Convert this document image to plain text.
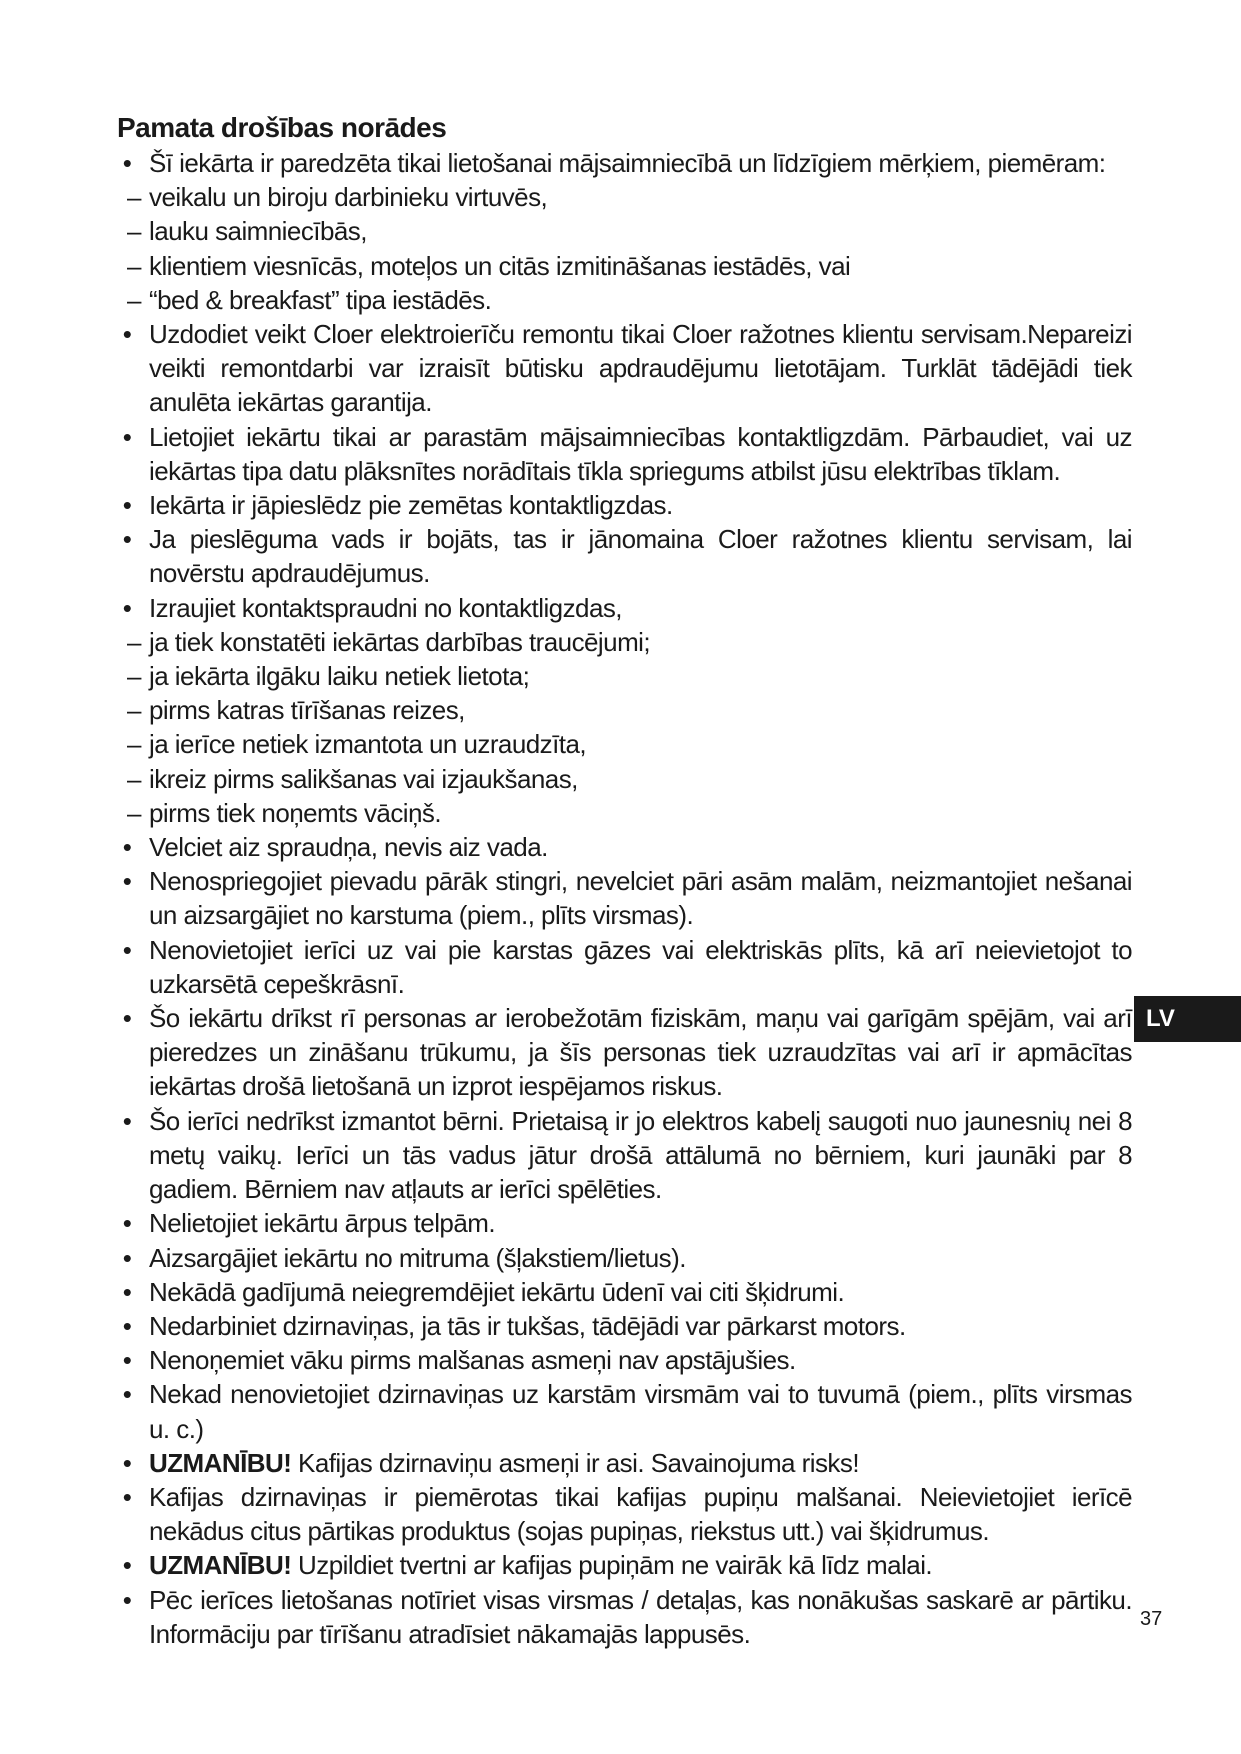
Pamata drošības norādes
• Šī iekārta ir paredzēta tikai lietošanai mājsaimniecībā un līdzīgiem mērķiem, piemēram:
– veikalu un biroju darbinieku virtuvēs,
– lauku saimniecībās,
– klientiem viesnīcās, moteļos un citās izmitināšanas iestādēs, vai
– “bed & breakfast” tipa iestādēs.
• Uzdodiet veikt Cloer elektroierīču remontu tikai Cloer ražotnes klientu servisam.Nepareizi veikti remontdarbi var izraisīt būtisku apdraudējumu lietotājam. Turklāt tādējādi tiek anulēta iekārtas garantija.
• Lietojiet iekārtu tikai ar parastām mājsaimniecības kontaktligzdām. Pārbaudiet, vai uz iekārtas tipa datu plāksnītes norādītais tīkla spriegums atbilst jūsu elektrības tīklam.
• Iekārta ir jāpieslēdz pie zemētas kontaktligzdas.
• Ja pieslēguma vads ir bojāts, tas ir jānomaina Cloer ražotnes klientu servisam, lai novērstu apdraudējumus.
• Izraujiet kontaktspraudni no kontaktligzdas,
– ja tiek konstatēti iekārtas darbības traucējumi;
– ja iekārta ilgāku laiku netiek lietota;
– pirms katras tīrīšanas reizes,
– ja ierīce netiek izmantota un uzraudzīta,
– ikreiz pirms salikšanas vai izjaukšanas,
– pirms tiek noņemts vāciņš.
• Velciet aiz spraudņa, nevis aiz vada.
• Nenospriegojiet pievadu pārāk stingri, nevelciet pāri asām malām, neizmantojiet nešanai un aizsargājiet no karstuma (piem., plīts virsmas).
• Nenovietojiet ierīci uz vai pie karstas gāzes vai elektriskās plīts, kā arī neievietojot to uzkarsētā cepeškrāsnī.
• Šo iekārtu drīkst rī personas ar ierobežotām fiziskām, maņu vai garīgām spējām, vai arī pieredzes un zināšanu trūkumu, ja šīs personas tiek uzraudzītas vai arī ir apmācītas iekārtas drošā lietošanā un izprot iespējamos riskus.
• Šo ierīci nedrīkst izmantot bērni. Prietaisą ir jo elektros kabelį saugoti nuo jaunesnių nei 8 metų vaikų. Ierīci un tās vadus jātur drošā attālumā no bērniem, kuri jaunāki par 8 gadiem. Bērniem nav atļauts ar ierīci spēlēties.
• Nelietojiet iekārtu ārpus telpām.
• Aizsargājiet iekārtu no mitruma (šļakstiem/lietus).
• Nekādā gadījumā neiegremdējiet iekārtu ūdenī vai citi šķidrumi.
• Nedarbiniet dzirnaviņas, ja tās ir tukšas, tādējādi var pārkarst motors.
• Nenoņemiet vāku pirms malšanas asmeņi nav apstājušies.
• Nekad nenovietojiet dzirnaviņas uz karstām virsmām vai to tuvumā (piem., plīts virsmas u. c.)
• UZMANĪBU! Kafijas dzirnaviņu asmeņi ir asi. Savainojuma risks!
• Kafijas dzirnaviņas ir piemērotas tikai kafijas pupiņu malšanai. Neievietojiet ierīcē nekādus citus pārtikas produktus (sojas pupiņas, riekstus utt.) vai šķidrumus.
• UZMANĪBU! Uzpildiet tvertni ar kafijas pupiņām ne vairāk kā līdz malai.
• Pēc ierīces lietošanas notīriet visas virsmas / detaļas, kas nonākušas saskarē ar pārtiku. Informāciju par tīrīšanu atradīsiet nākamajās lappusēs.
LV
37
